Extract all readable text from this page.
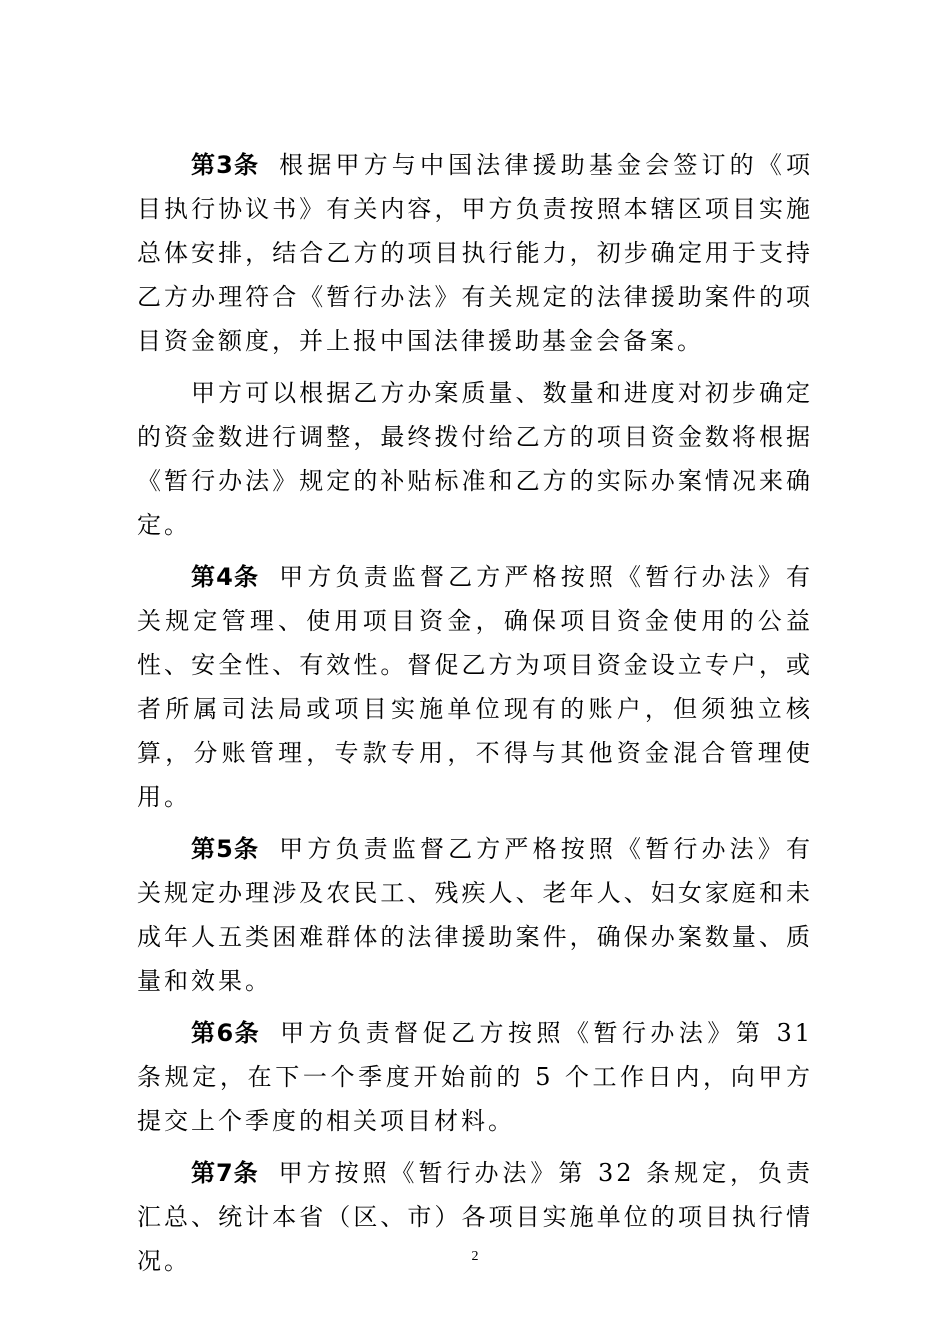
第3条 根据甲方与中国法律援助基金会签订的《项目执行协议书》有关内容，甲方负责按照本辖区项目实施总体安排，结合乙方的项目执行能力，初步确定用于支持乙方办理符合《暂行办法》有关规定的法律援助案件的项目资金额度，并上报中国法律援助基金会备案。

甲方可以根据乙方办案质量、数量和进度对初步确定的资金数进行调整，最终拨付给乙方的项目资金数将根据《暂行办法》规定的补贴标准和乙方的实际办案情况来确定。

第4条 甲方负责监督乙方严格按照《暂行办法》有关规定管理、使用项目资金，确保项目资金使用的公益性、安全性、有效性。督促乙方为项目资金设立专户，或者所属司法局或项目实施单位现有的账户，但须独立核算，分账管理，专款专用，不得与其他资金混合管理使用。

第5条 甲方负责监督乙方严格按照《暂行办法》有关规定办理涉及农民工、残疾人、老年人、妇女家庭和未成年人五类困难群体的法律援助案件，确保办案数量、质量和效果。

第6条 甲方负责督促乙方按照《暂行办法》第 31 条规定，在下一个季度开始前的 5 个工作日内，向甲方提交上个季度的相关项目材料。

第7条 甲方按照《暂行办法》第 32 条规定，负责汇总、统计本省（区、市）各项目实施单位的项目执行情况。	2
